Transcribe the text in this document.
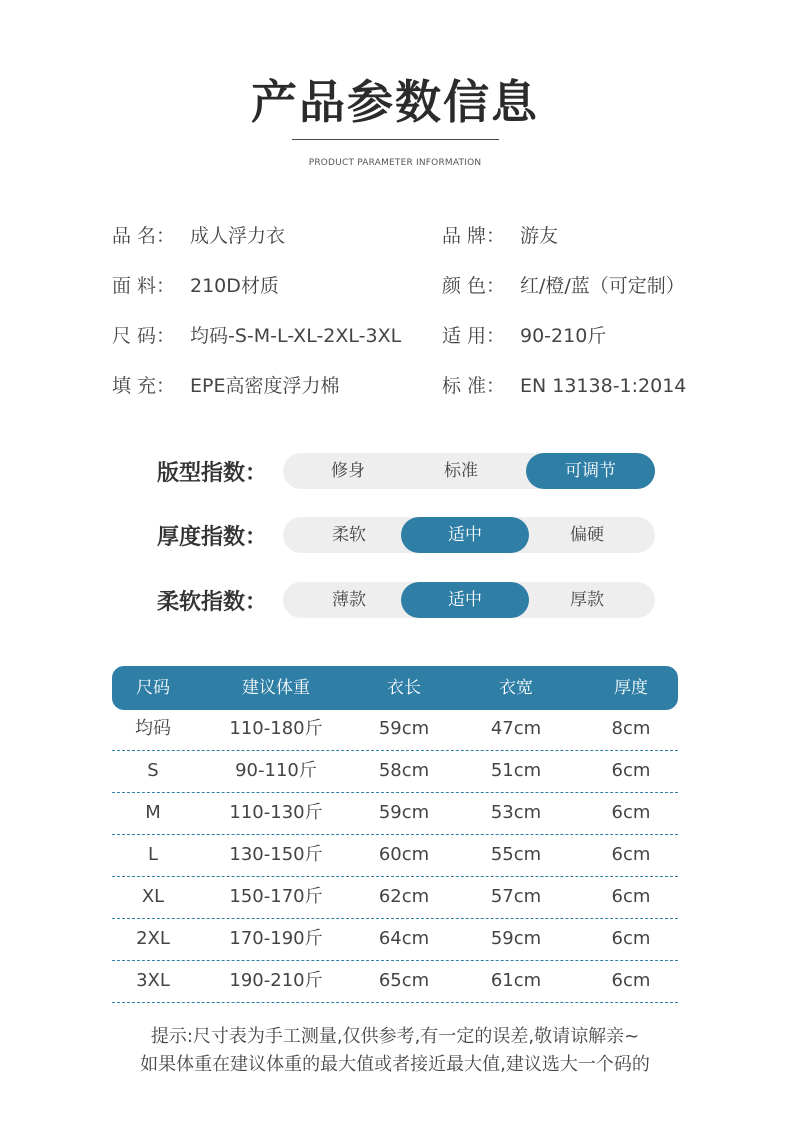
产品参数信息
PRODUCT PARAMETER INFORMATION
品 名： 成人浮力衣	品 牌： 游友
面 料： 210D材质	颜 色： 红/橙/蓝（可定制）
尺 码： 均码-S-M-L-XL-2XL-3XL 适 用： 90-210斤
填 充： EPE高密度浮力棉	标 准： EN 13138-1:2014
版型指数：	修身	标准	可调节
厚度指数：	柔软	适中	偏硬
柔软指数：	薄款	适中	厚款
尺码	建议体重	衣长	衣宽	厚度
均码	110-180斤	59cm	47cm	8cm
S	90-110斤	58cm	51cm	6cm
M	110-130斤	59cm	53cm	6cm
L	130-150斤	60cm	55cm	6cm
XL	150-170斤	62cm	57cm	6cm
2XL	170-190斤	64cm	59cm	6cm
3XL	190-210斤	65cm	61cm	6cm
提示:尺寸表为手工测量,仅供参考,有一定的误差,敬请谅解亲~
如果体重在建议体重的最大值或者接近最大值,建议选大一个码的
